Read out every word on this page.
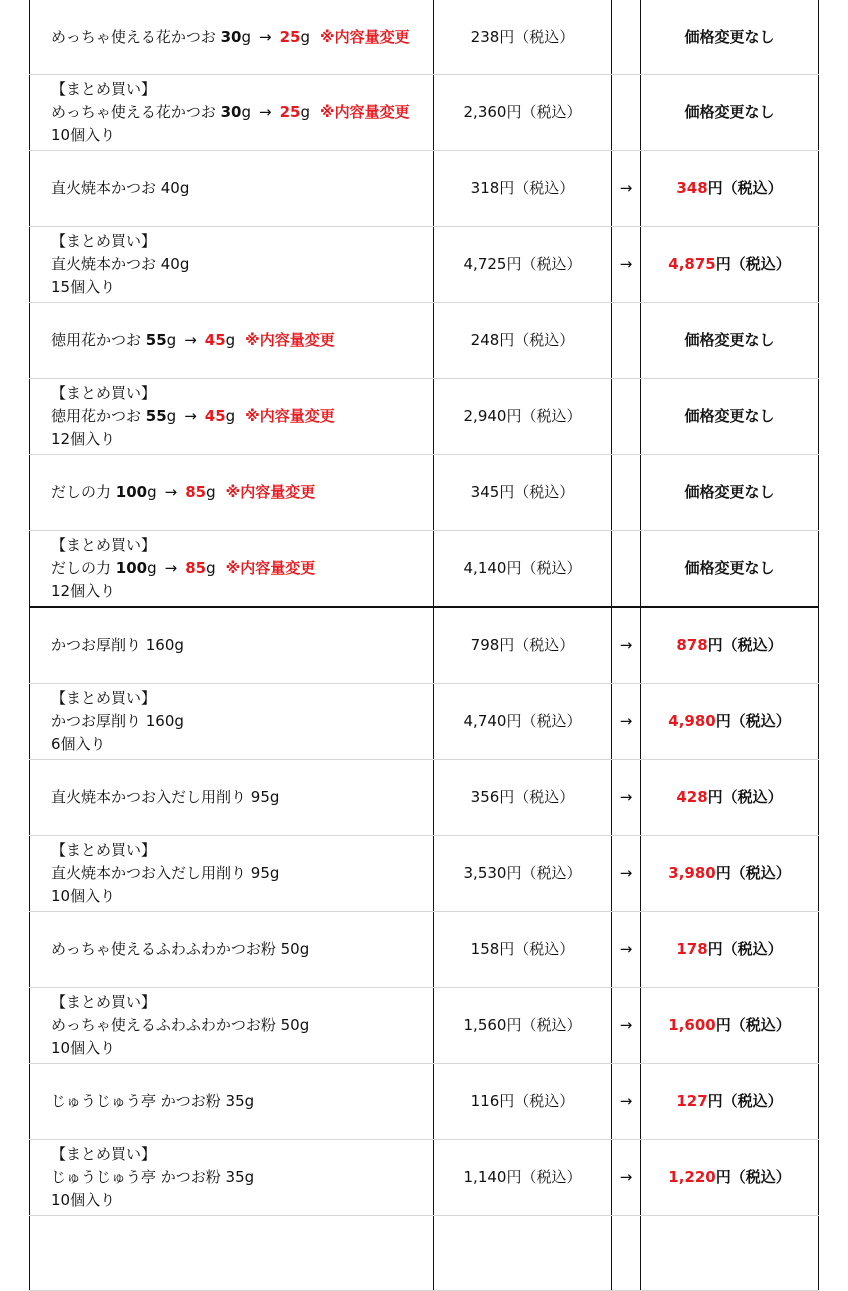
めっちゃ使える花かつお 30g → 25g ※内容量変更	238円（税込）		価格変更なし

【まとめ買い】
めっちゃ使える花かつお 30g → 25g ※内容量変更
10個入り	2,360円（税込）		価格変更なし

直火焼本かつお 40g	318円（税込）	→	348円（税込）

【まとめ買い】
直火焼本かつお 40g
15個入り	4,725円（税込）	→	4,875円（税込）

徳用花かつお 55g → 45g ※内容量変更	248円（税込）		価格変更なし

【まとめ買い】
徳用花かつお 55g → 45g ※内容量変更
12個入り	2,940円（税込）		価格変更なし

だしの力 100g → 85g ※内容量変更	345円（税込）		価格変更なし

【まとめ買い】
だしの力 100g → 85g ※内容量変更
12個入り	4,140円（税込）		価格変更なし

かつお厚削り 160g	798円（税込）	→	878円（税込）

【まとめ買い】
かつお厚削り 160g
6個入り	4,740円（税込）	→	4,980円（税込）

直火焼本かつお入だし用削り 95g	356円（税込）	→	428円（税込）

【まとめ買い】
直火焼本かつお入だし用削り 95g
10個入り	3,530円（税込）	→	3,980円（税込）

めっちゃ使えるふわふわかつお粉 50g	158円（税込）	→	178円（税込）

【まとめ買い】
めっちゃ使えるふわふわかつお粉 50g
10個入り	1,560円（税込）	→	1,600円（税込）

じゅうじゅう亭 かつお粉 35g	116円（税込）	→	127円（税込）

【まとめ買い】
じゅうじゅう亭 かつお粉 35g
10個入り	1,140円（税込）	→	1,220円（税込）
